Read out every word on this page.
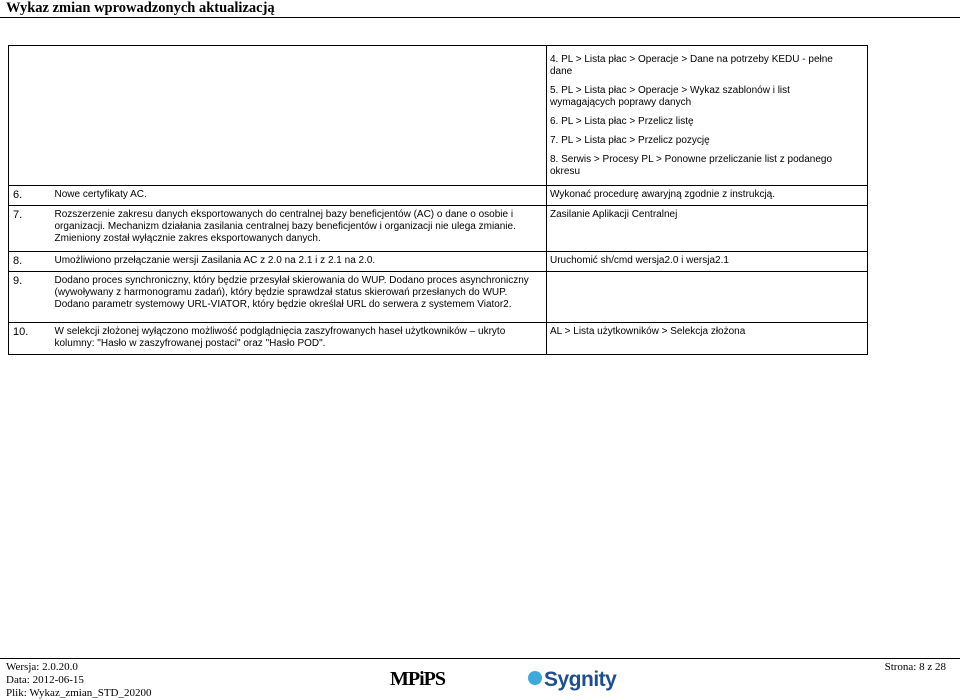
Wykaz zmian wprowadzonych aktualizacją

		4. PL > Lista płac > Operacje > Dane na potrzeby KEDU - pełne dane
5. PL > Lista płac > Operacje > Wykaz szablonów i list wymagających poprawy danych
6. PL > Lista płac > Przelicz listę
7. PL > Lista płac > Przelicz pozycję
8. Serwis > Procesy PL > Ponowne przeliczanie list z podanego okresu

6.	Nowe certyfikaty AC.	Wykonać procedurę awaryjną zgodnie z instrukcją.

7.	Rozszerzenie zakresu danych eksportowanych do centralnej bazy beneficjentów (AC) o dane o osobie i organizacji. Mechanizm działania zasilania centralnej bazy beneficjentów i organizacji nie ulega zmianie. Zmieniony został wyłącznie zakres eksportowanych danych.	Zasilanie Aplikacji Centralnej

8.	Umożliwiono przełączanie wersji Zasilania AC z 2.0 na 2.1 i z 2.1 na 2.0.	Uruchomić sh/cmd wersja2.0 i wersja2.1

9.	Dodano proces synchroniczny, który będzie przesyłał skierowania do WUP. Dodano proces asynchroniczny (wywoływany z harmonogramu zadań), który będzie sprawdzał status skierowań przesłanych do WUP. Dodano parametr systemowy URL-VIATOR, który będzie określał URL do serwera z systemem Viator2.	

10.	W selekcji złożonej wyłączono możliwość podglądnięcia zaszyfrowanych haseł użytkowników – ukryto kolumny: "Hasło w zaszyfrowanej postaci" oraz "Hasło POD".	AL > Lista użytkowników > Selekcja złożona
Wersja: 2.0.20.0
Data: 2012-06-15
Plik: Wykaz_zmian_STD_20200
MPiPS	Sygnity
Strona: 8 z 28
